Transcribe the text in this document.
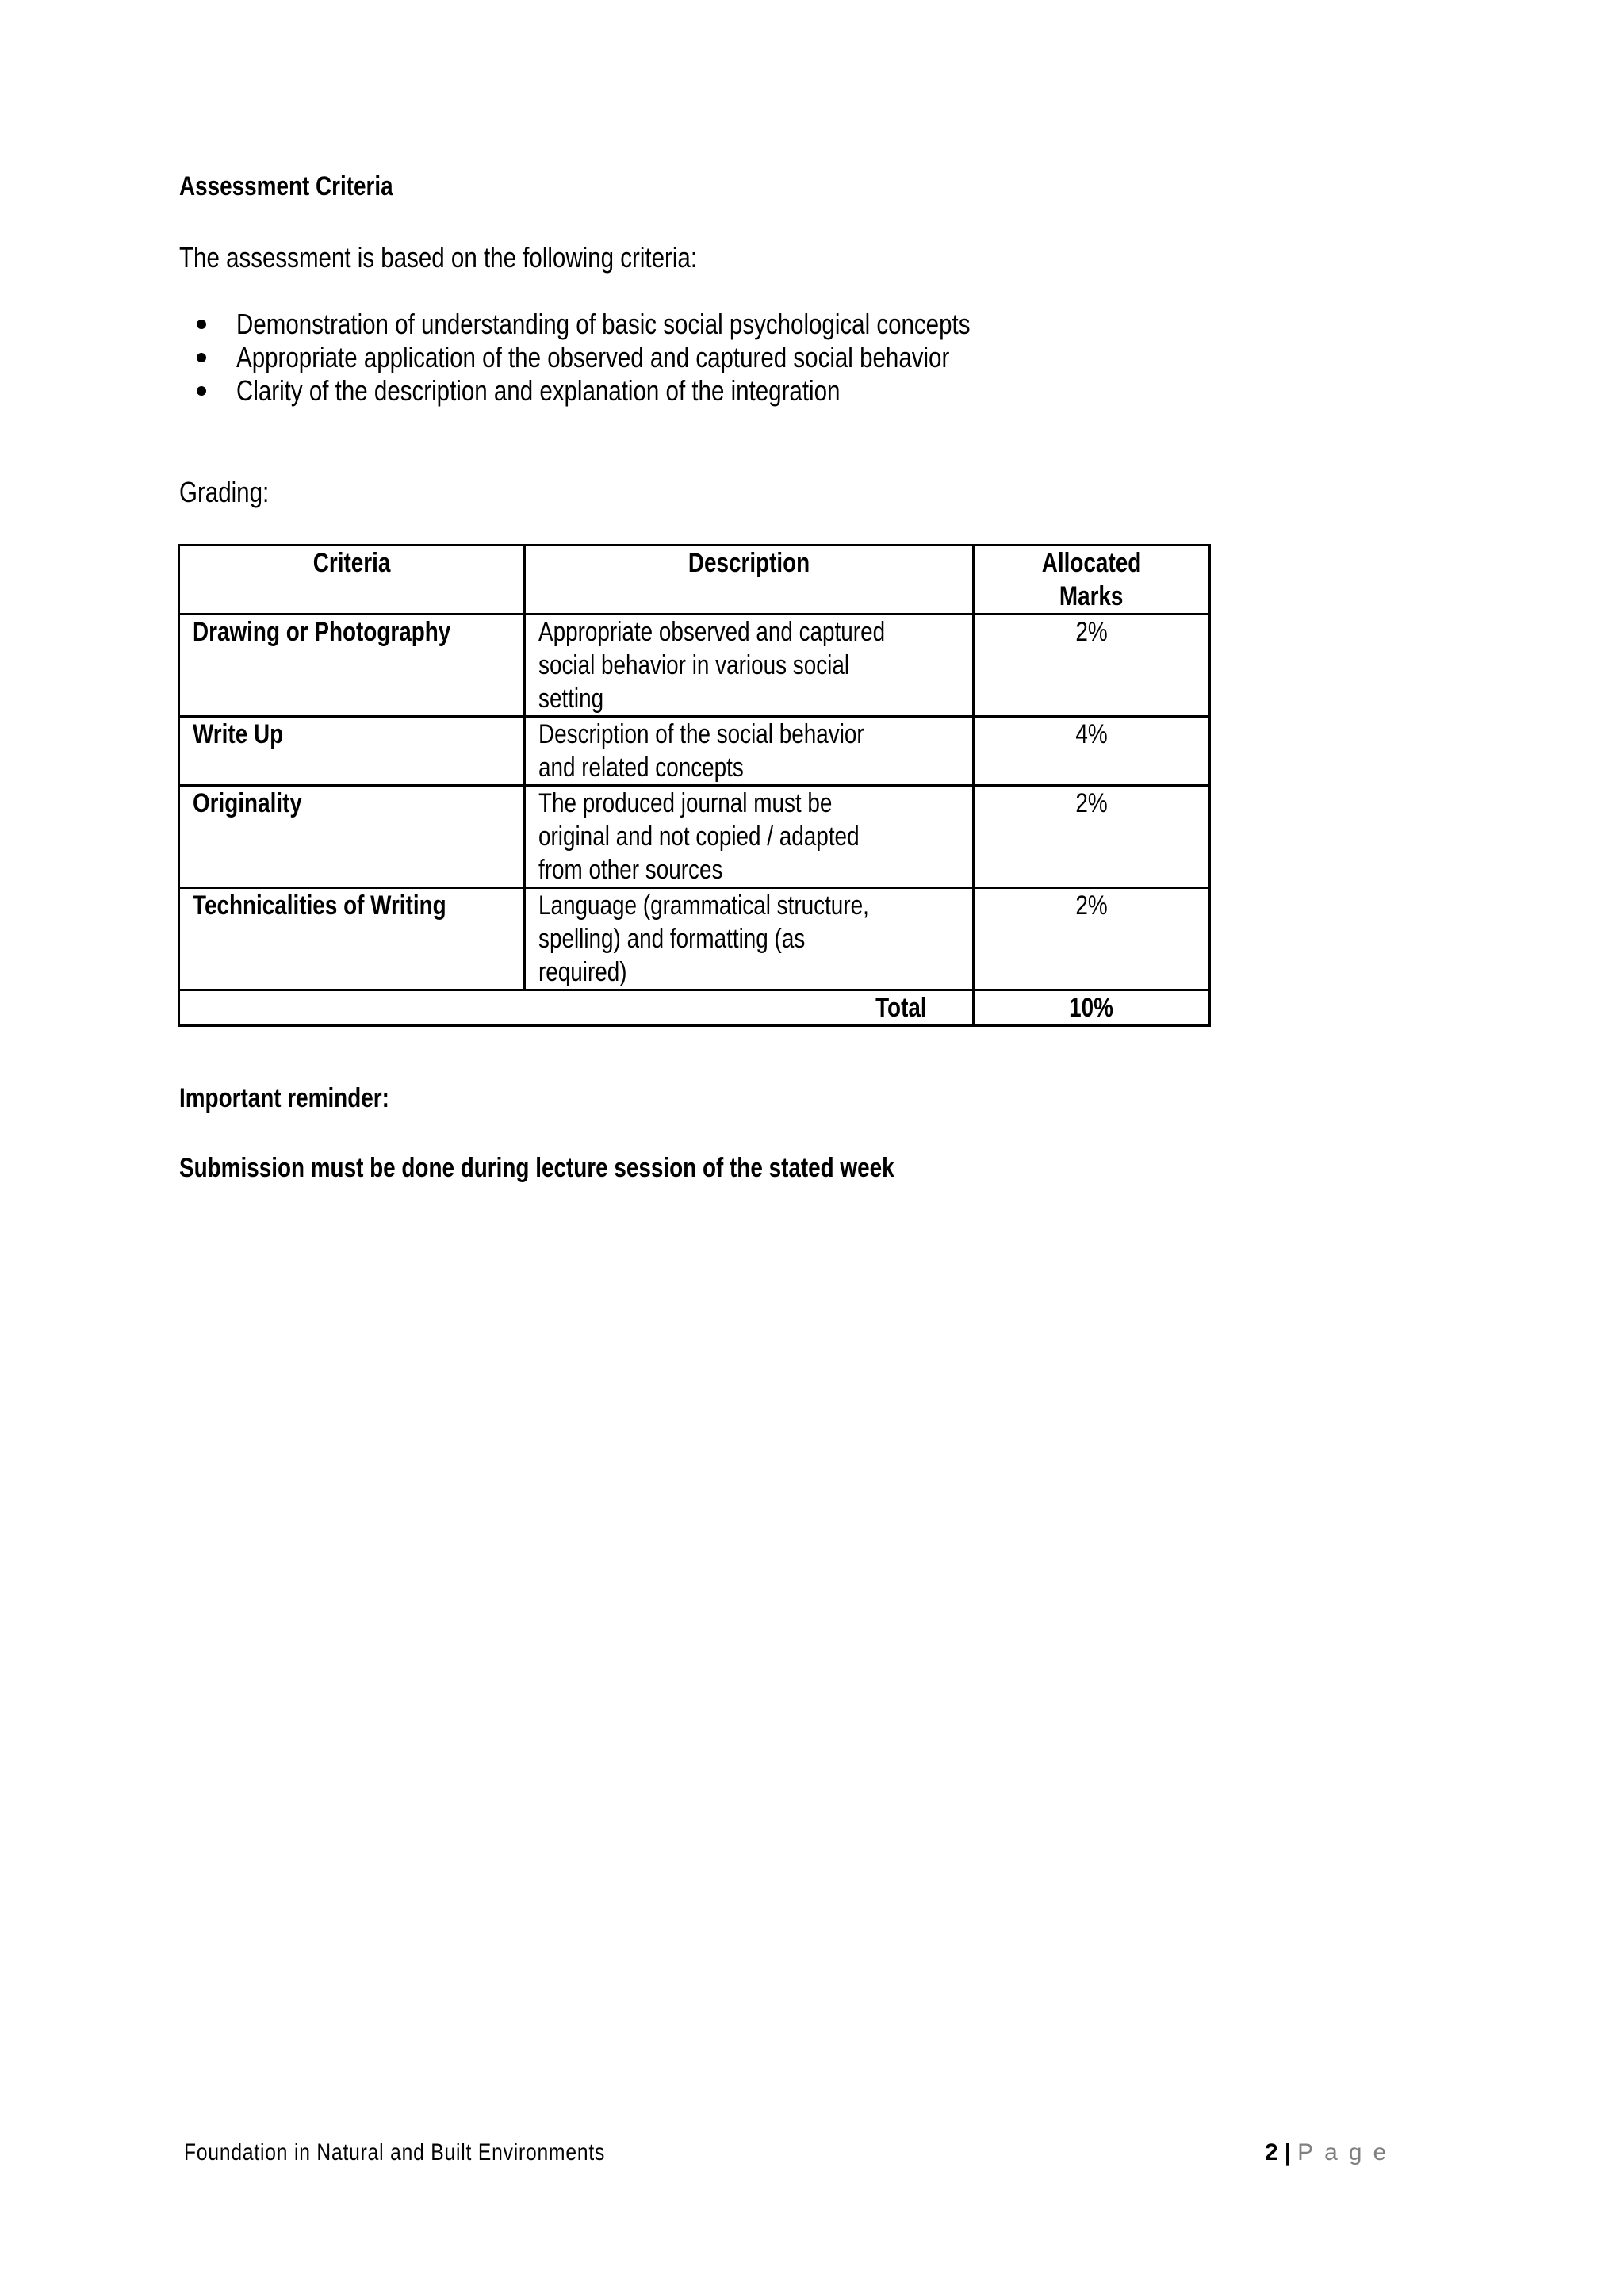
Assessment Criteria
The assessment is based on the following criteria:
Demonstration of understanding of basic social psychological concepts
Appropriate application of the observed and captured social behavior
Clarity of the description and explanation of the integration
Grading:
Criteria	Description	Allocated
Marks
Drawing or Photography	Appropriate observed and captured
social behavior in various social
setting	2%
Write Up	Description of the social behavior
and related concepts	4%
Originality	The produced journal must be
original and not copied / adapted
from other sources	2%
Technicalities of Writing	Language (grammatical structure,
spelling) and formatting (as
required)	2%
Total		10%
Important reminder:
Submission must be done during lecture session of the stated week
Foundation in Natural and Built Environments	2 | Page
